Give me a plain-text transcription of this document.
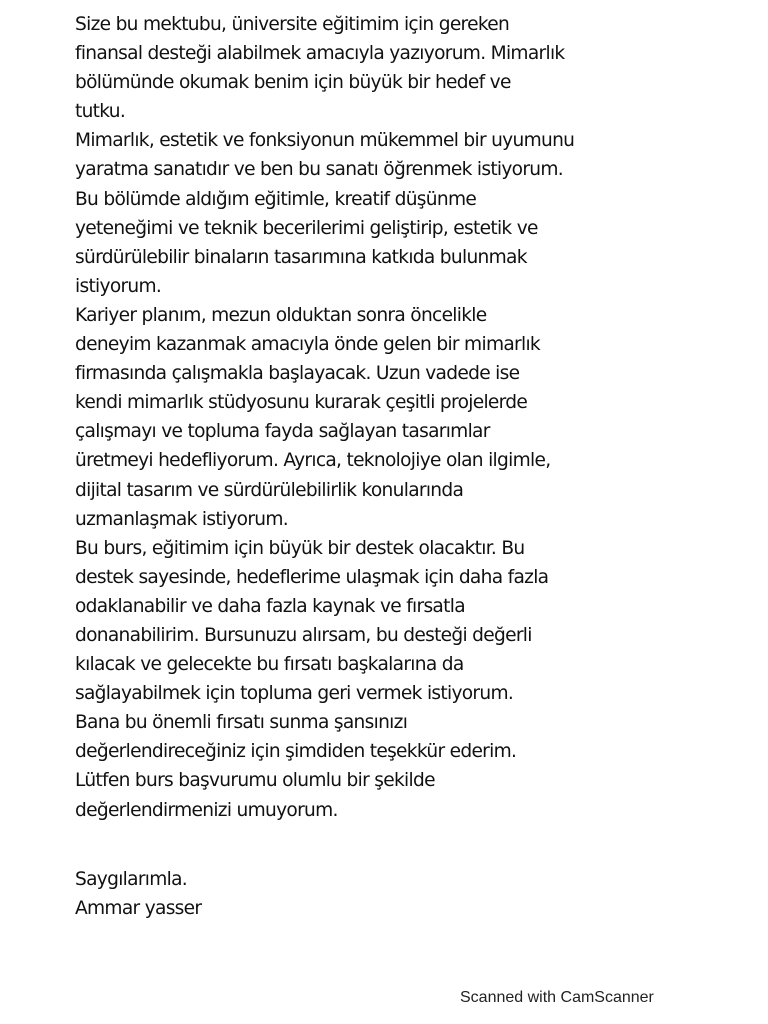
Size bu mektubu, üniversite eğitimim için gereken
finansal desteği alabilmek amacıyla yazıyorum. Mimarlık
bölümünde okumak benim için büyük bir hedef ve
tutku.
Mimarlık, estetik ve fonksiyonun mükemmel bir uyumunu
yaratma sanatıdır ve ben bu sanatı öğrenmek istiyorum.
Bu bölümde aldığım eğitimle, kreatif düşünme
yeteneğimi ve teknik becerilerimi geliştirip, estetik ve
sürdürülebilir binaların tasarımına katkıda bulunmak
istiyorum.
Kariyer planım, mezun olduktan sonra öncelikle
deneyim kazanmak amacıyla önde gelen bir mimarlık
firmasında çalışmakla başlayacak. Uzun vadede ise
kendi mimarlık stüdyosunu kurarak çeşitli projelerde
çalışmayı ve topluma fayda sağlayan tasarımlar
üretmeyi hedefliyorum. Ayrıca, teknolojiye olan ilgimle,
dijital tasarım ve sürdürülebilirlik konularında
uzmanlaşmak istiyorum.
Bu burs, eğitimim için büyük bir destek olacaktır. Bu
destek sayesinde, hedeflerime ulaşmak için daha fazla
odaklanabilir ve daha fazla kaynak ve fırsatla
donanabilirim. Bursunuzu alırsam, bu desteği değerli
kılacak ve gelecekte bu fırsatı başkalarına da
sağlayabilmek için topluma geri vermek istiyorum.
Bana bu önemli fırsatı sunma şansınızı
değerlendireceğiniz için şimdiden teşekkür ederim.
Lütfen burs başvurumu olumlu bir şekilde
değerlendirmenizi umuyorum.
Saygılarımla.
Ammar yasser
Scanned with CamScanner
